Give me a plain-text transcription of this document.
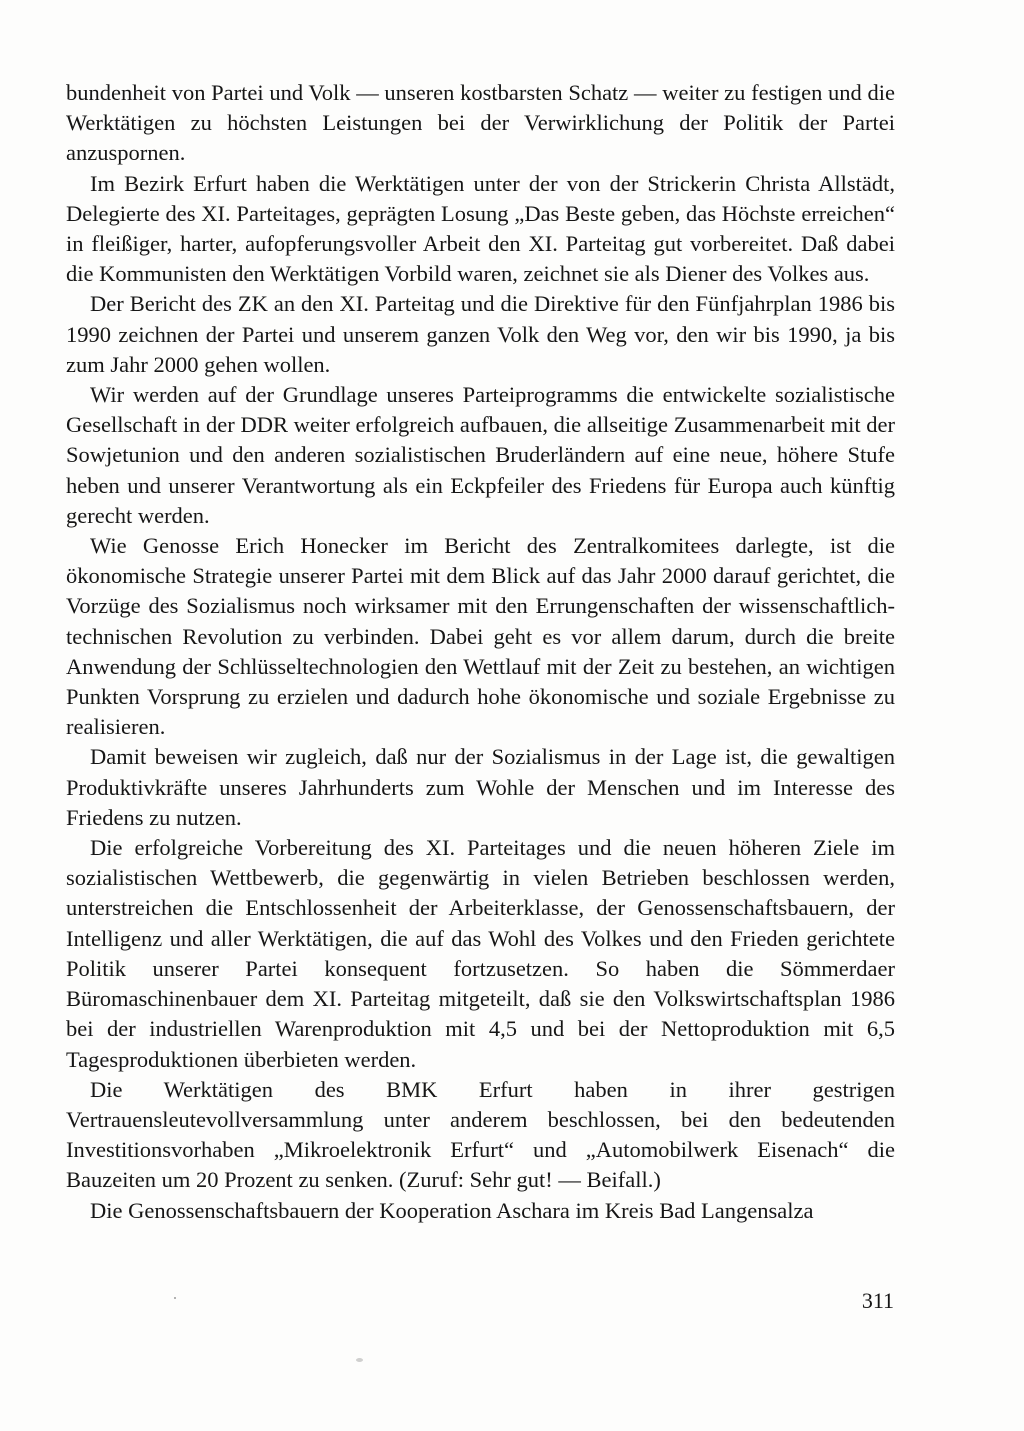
bundenheit von Partei und Volk — unseren kostbarsten Schatz — weiter zu festigen und die Werktätigen zu höchsten Leistungen bei der Verwirklichung der Politik der Partei anzuspornen.

Im Bezirk Erfurt haben die Werktätigen unter der von der Strickerin Christa Allstädt, Delegierte des XI. Parteitages, geprägten Losung „Das Beste geben, das Höchste erreichen“ in fleißiger, harter, aufopferungsvoller Arbeit den XI. Parteitag gut vorbereitet. Daß dabei die Kommunisten den Werktätigen Vorbild waren, zeichnet sie als Diener des Volkes aus.

Der Bericht des ZK an den XI. Parteitag und die Direktive für den Fünfjahrplan 1986 bis 1990 zeichnen der Partei und unserem ganzen Volk den Weg vor, den wir bis 1990, ja bis zum Jahr 2000 gehen wollen.

Wir werden auf der Grundlage unseres Parteiprogramms die entwickelte sozialistische Gesellschaft in der DDR weiter erfolgreich aufbauen, die allseitige Zusammenarbeit mit der Sowjetunion und den anderen sozialistischen Bruderländern auf eine neue, höhere Stufe heben und unserer Verantwortung als ein Eckpfeiler des Friedens für Europa auch künftig gerecht werden.

Wie Genosse Erich Honecker im Bericht des Zentralkomitees darlegte, ist die ökonomische Strategie unserer Partei mit dem Blick auf das Jahr 2000 darauf gerichtet, die Vorzüge des Sozialismus noch wirksamer mit den Errungenschaften der wissenschaftlich-technischen Revolution zu verbinden. Dabei geht es vor allem darum, durch die breite Anwendung der Schlüsseltechnologien den Wettlauf mit der Zeit zu bestehen, an wichtigen Punkten Vorsprung zu erzielen und dadurch hohe ökonomische und soziale Ergebnisse zu realisieren.

Damit beweisen wir zugleich, daß nur der Sozialismus in der Lage ist, die gewaltigen Produktivkräfte unseres Jahrhunderts zum Wohle der Menschen und im Interesse des Friedens zu nutzen.

Die erfolgreiche Vorbereitung des XI. Parteitages und die neuen höheren Ziele im sozialistischen Wettbewerb, die gegenwärtig in vielen Betrieben beschlossen werden, unterstreichen die Entschlossenheit der Arbeiterklasse, der Genossenschaftsbauern, der Intelligenz und aller Werktätigen, die auf das Wohl des Volkes und den Frieden gerichtete Politik unserer Partei konsequent fortzusetzen. So haben die Sömmerdaer Büromaschinenbauer dem XI. Parteitag mitgeteilt, daß sie den Volkswirtschaftsplan 1986 bei der industriellen Warenproduktion mit 4,5 und bei der Nettoproduktion mit 6,5 Tagesproduktionen überbieten werden.

Die Werktätigen des BMK Erfurt haben in ihrer gestrigen Vertrauensleutevollversammlung unter anderem beschlossen, bei den bedeutenden Investitionsvorhaben „Mikroelektronik Erfurt“ und „Automobilwerk Eisenach“ die Bauzeiten um 20 Prozent zu senken. (Zuruf: Sehr gut! — Beifall.)

Die Genossenschaftsbauern der Kooperation Aschara im Kreis Bad Langensalza

311
